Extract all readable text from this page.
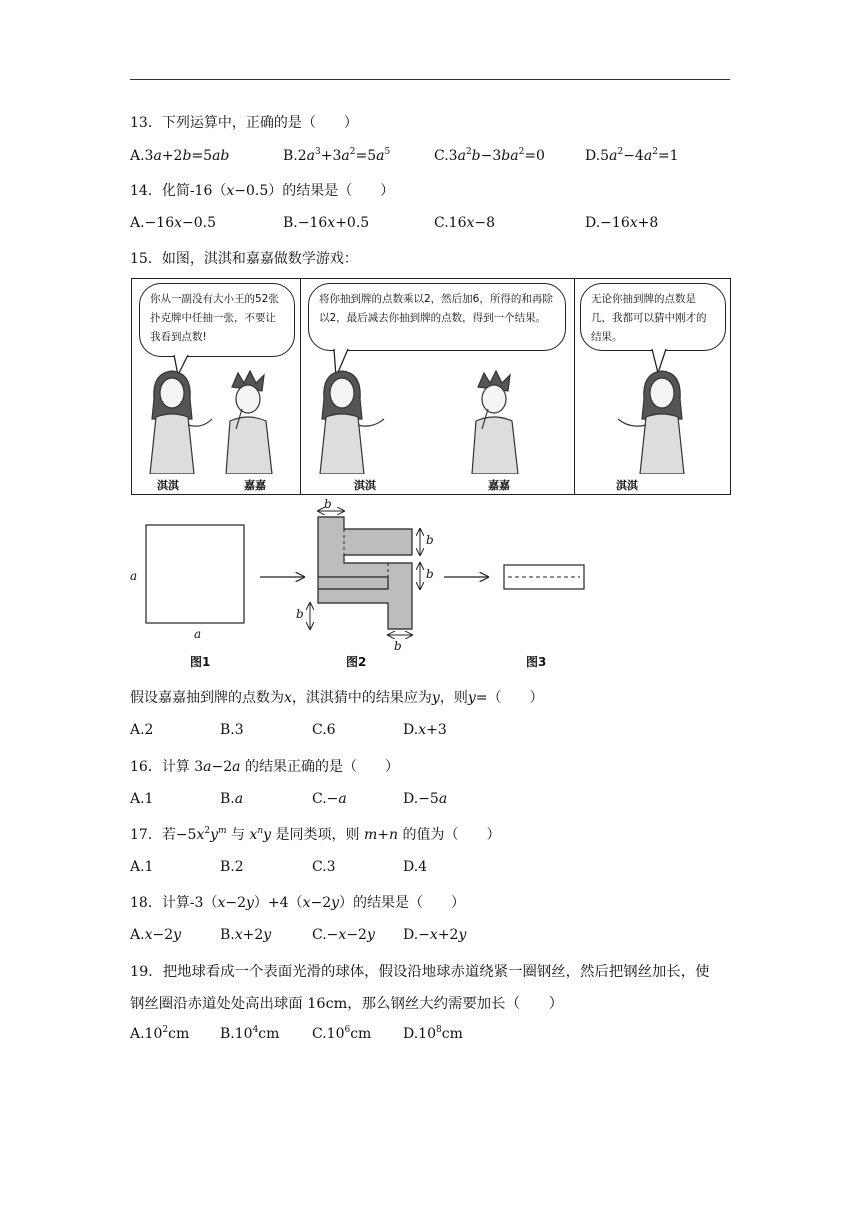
13．下列运算中，正确的是（　　）
A.3a+2b=5ab	$B.2a^3+3a^2=5a^5$	$C.3a^2b-3ba^2=0$	$D.5a^2-4a^2=1$
14．化简-16（x−0.5）的结果是（　　）
A.−16x−0.5	B.−16x+0.5	C.16x−8	D.−16x+8
15．如图，淇淇和嘉嘉做数学游戏：
你从一副没有大小王的52张扑克牌中任抽一张，不要让我看到点数!
将你抽到牌的点数乘以2，然后加6，所得的和再除以2，最后减去你抽到牌的点数，得到一个结果。
无论你抽到牌的点数是几，我都可以猜中刚才的结果。
淇淇	嘉嘉	淇淇	嘉嘉	淇淇
a
a
b
b
b
b
b
图1	图2	图3
假设嘉嘉抽到牌的点数为x，淇淇猜中的结果应为y，则y=（　　）
A.2	B.3	C.6	D.x+3
16．计算 3a−2a 的结果正确的是（　　）
A.1	B.a	C.−a	D.−5a
17．若$-5x^2y^m$ 与 $x^ny$ 是同类项，则 m+n 的值为（　　）
A.1	B.2	C.3	D.4
18．计算-3（x−2y）+4（x−2y）的结果是（　　）
A.x−2y	B.x+2y	C.−x−2y D.−x+2y
19．把地球看成一个表面光滑的球体，假设沿地球赤道绕紧一圈钢丝，然后把钢丝加长，使
钢丝圈沿赤道处处高出球面 16cm，那么钢丝大约需要加长（　　）
$A.10^2cm$ $B.10^4cm$ $C.10^6cm$ $D.10^8cm$
